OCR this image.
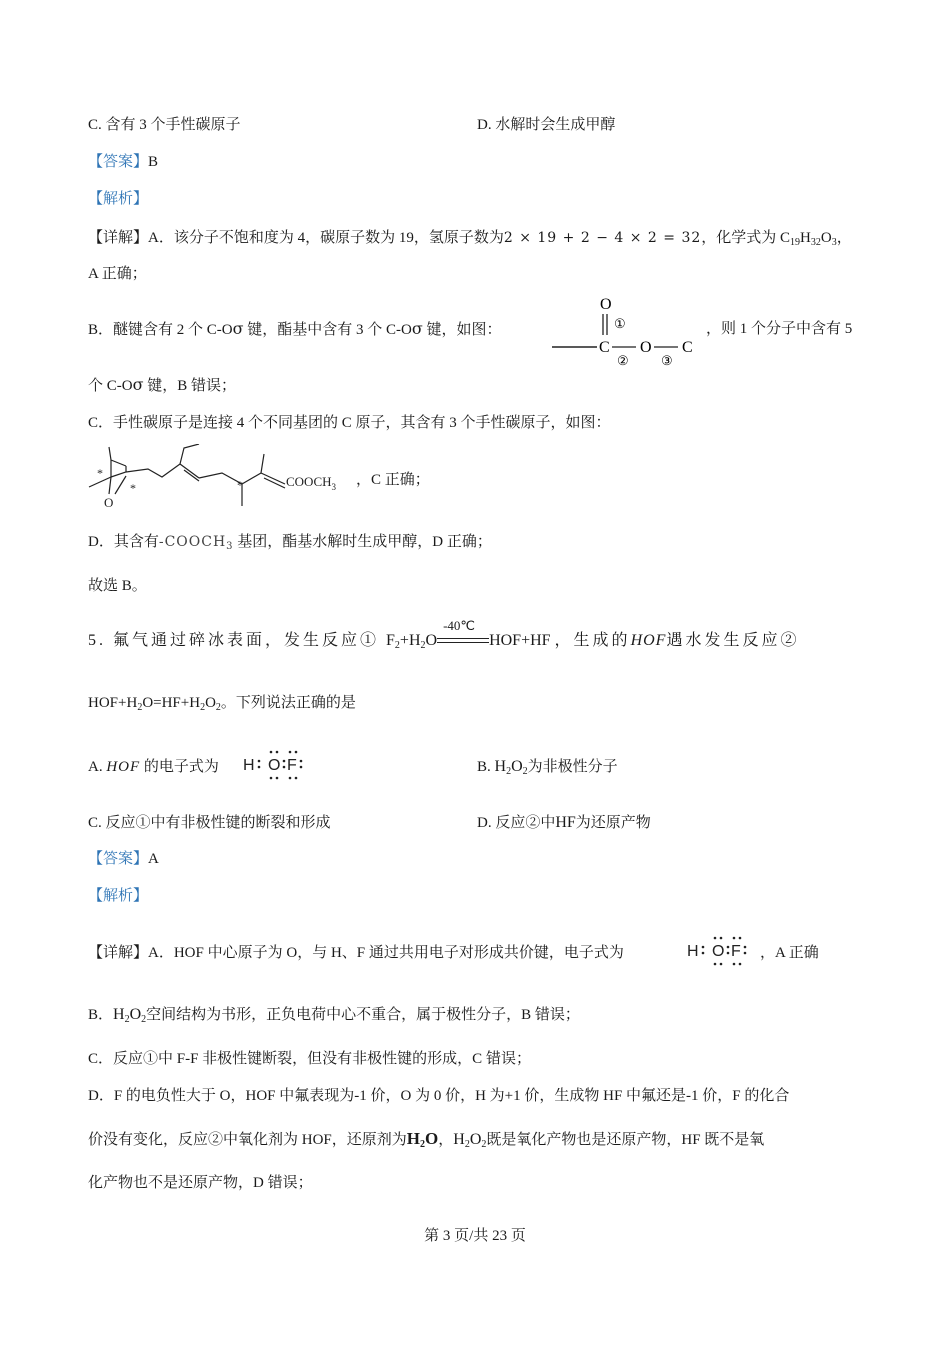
C. 含有 3 个手性碳原子	D. 水解时会生成甲醇
【答案】B
【解析】
【详解】A．该分子不饱和度为 4，碳原子数为 19，氢原子数为2 × 19 + 2 − 4 × 2 = 32，化学式为 $C_{19}H_{32}O_3$，
A 正确；
B．醚键含有 2 个 C-Oσ 键，酯基中含有 3 个 C-Oσ 键，如图：
O
①
C O C
② ③
，则 1 个分子中含有 5
个 C-Oσ 键，B 错误；
C．手性碳原子是连接 4 个不同基团的 C 原子，其含有 3 个手性碳原子，如图：
*
*	*
O
$COOCH_3$ ，C 正确；
D．其含有$-COOCH_3$ 基团，酯基水解时生成甲醇，D 正确；
故选 B。
5. 氟气通过碎冰表面，发生反应① $F_2+H_2O$
-40℃
HOF+HF ，生成的HOF遇水发生反应②
$HOF+H_2O=HF+H_2O_2$。下列说法正确的是
A. HOF 的电子式为 H O F	B. $H_2O_2$为非极性分子
C. 反应①中有非极性键的断裂和形成	D. 反应②中HF为还原产物
【答案】A
【解析】
【详解】A．HOF 中心原子为 O，与 H、F 通过共用电子对形成共价键，电子式为	H O F ，A 正确
B．$H_2O_2$空间结构为书形，正负电荷中心不重合，属于极性分子，B 错误；
C．反应①中 F-F 非极性键断裂，但没有非极性键的形成，C 错误；
D．F 的电负性大于 O，HOF 中氟表现为-1 价，O 为 0 价，H 为+1 价，生成物 HF 中氟还是-1 价，F 的化合
价没有变化，反应②中氧化剂为 HOF，还原剂为$H_2O$，$H_2O_2$既是氧化产物也是还原产物，HF 既不是氧
化产物也不是还原产物，D 错误；
第 3 页/共 23 页
